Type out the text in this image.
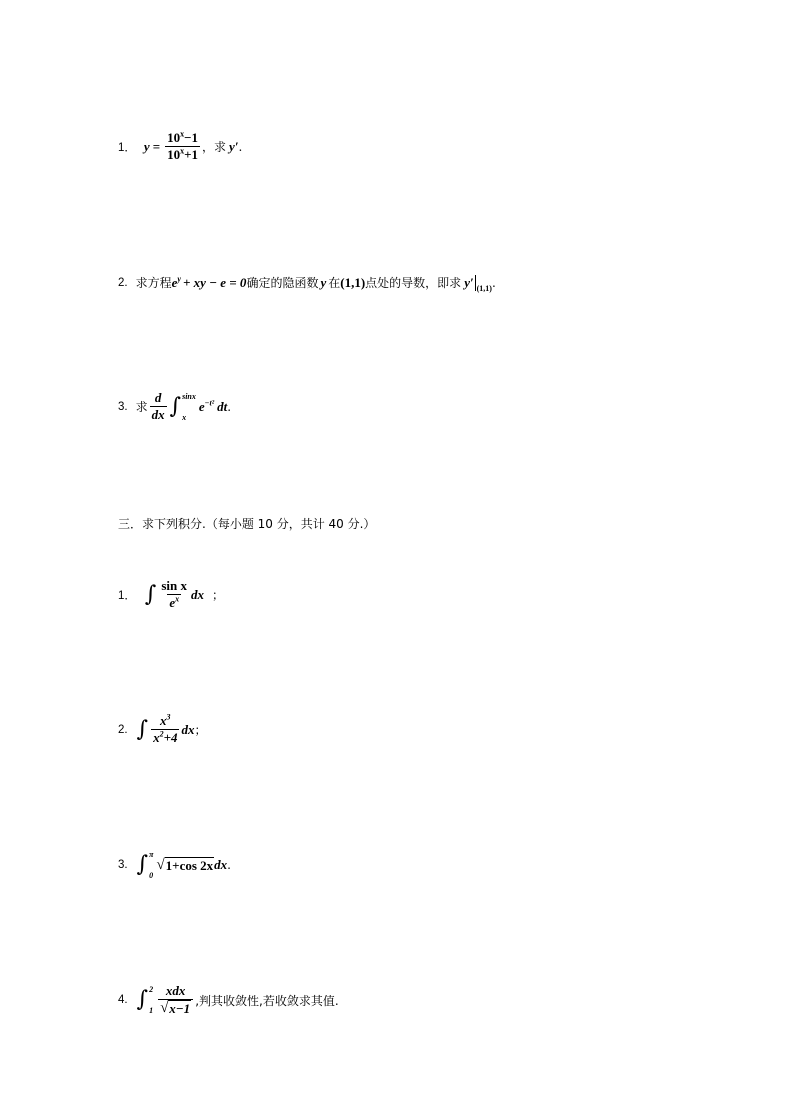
1． $y = \frac{10^x-1}{10^x+1}$ ，求 y′ .
2. 求方程 $e^y$ + xy − e = 0 确定的隐函数 y 在 (1,1) 点处的导数，即求 y′ (1,1) .
3. 求 $\frac{d}{dx}$ ∫ sinx
x
$e^{-t^2}$ dt .
三．求下列积分.（每小题 10 分，共计 40 分.）
1． ∫ $\frac{\text{sin x}}{e^x}$ dx ；
2. ∫ $\frac{x^3}{x^2+4}$ dx ；
3. ∫ π
0
√ 1+cos 2x dx .
4. ∫ 2
$1 \frac{\text{xdx}}{√ x-1}$ ,判其收敛性,若收敛求其值.
